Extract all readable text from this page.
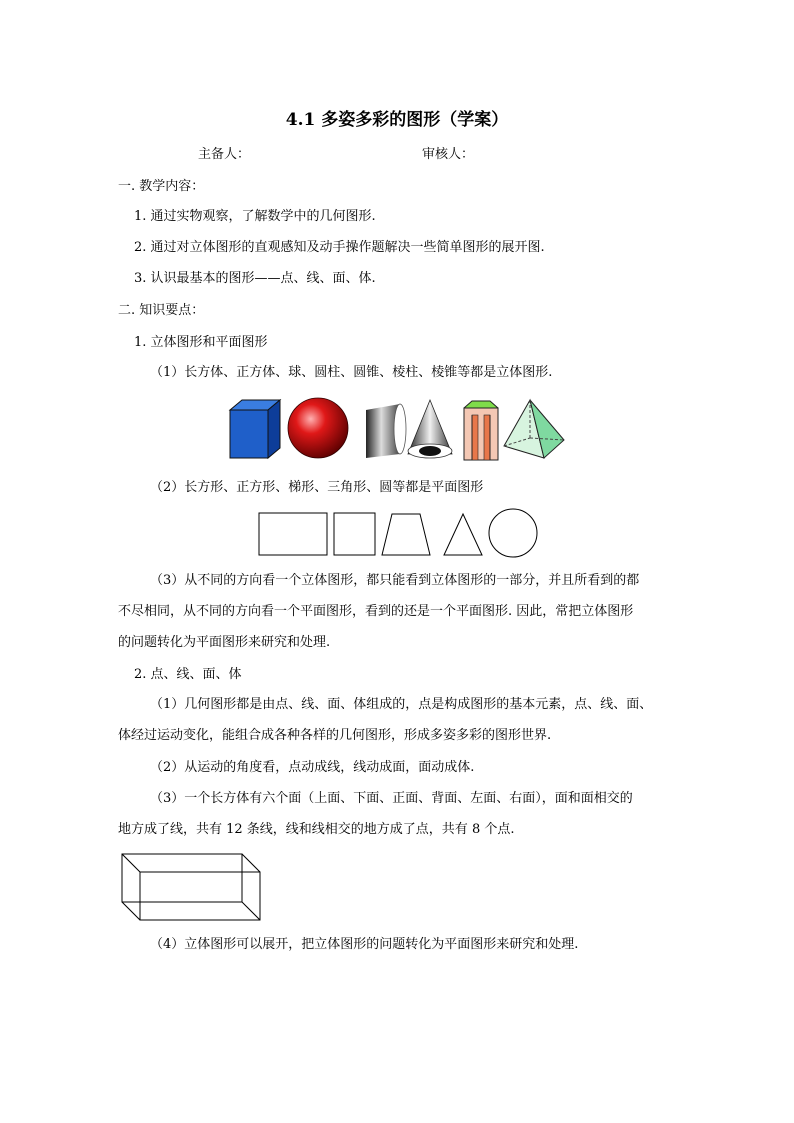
4.1 多姿多彩的图形（学案）
主备人：	审核人：
一. 教学内容：
1. 通过实物观察，了解数学中的几何图形.
2. 通过对立体图形的直观感知及动手操作题解决一些简单图形的展开图.
3. 认识最基本的图形——点、线、面、体.
二. 知识要点：
1. 立体图形和平面图形
（1）长方体、正方体、球、圆柱、圆锥、棱柱、棱锥等都是立体图形.
（2）长方形、正方形、梯形、三角形、圆等都是平面图形
（3）从不同的方向看一个立体图形，都只能看到立体图形的一部分，并且所看到的都
不尽相同，从不同的方向看一个平面图形，看到的还是一个平面图形. 因此，常把立体图形
的问题转化为平面图形来研究和处理.
2. 点、线、面、体
（1）几何图形都是由点、线、面、体组成的，点是构成图形的基本元素，点、线、面、
体经过运动变化，能组合成各种各样的几何图形，形成多姿多彩的图形世界.
（2）从运动的角度看，点动成线，线动成面，面动成体.
（3）一个长方体有六个面（上面、下面、正面、背面、左面、右面），面和面相交的
地方成了线，共有 12 条线，线和线相交的地方成了点，共有 8 个点.
（4）立体图形可以展开，把立体图形的问题转化为平面图形来研究和处理.
